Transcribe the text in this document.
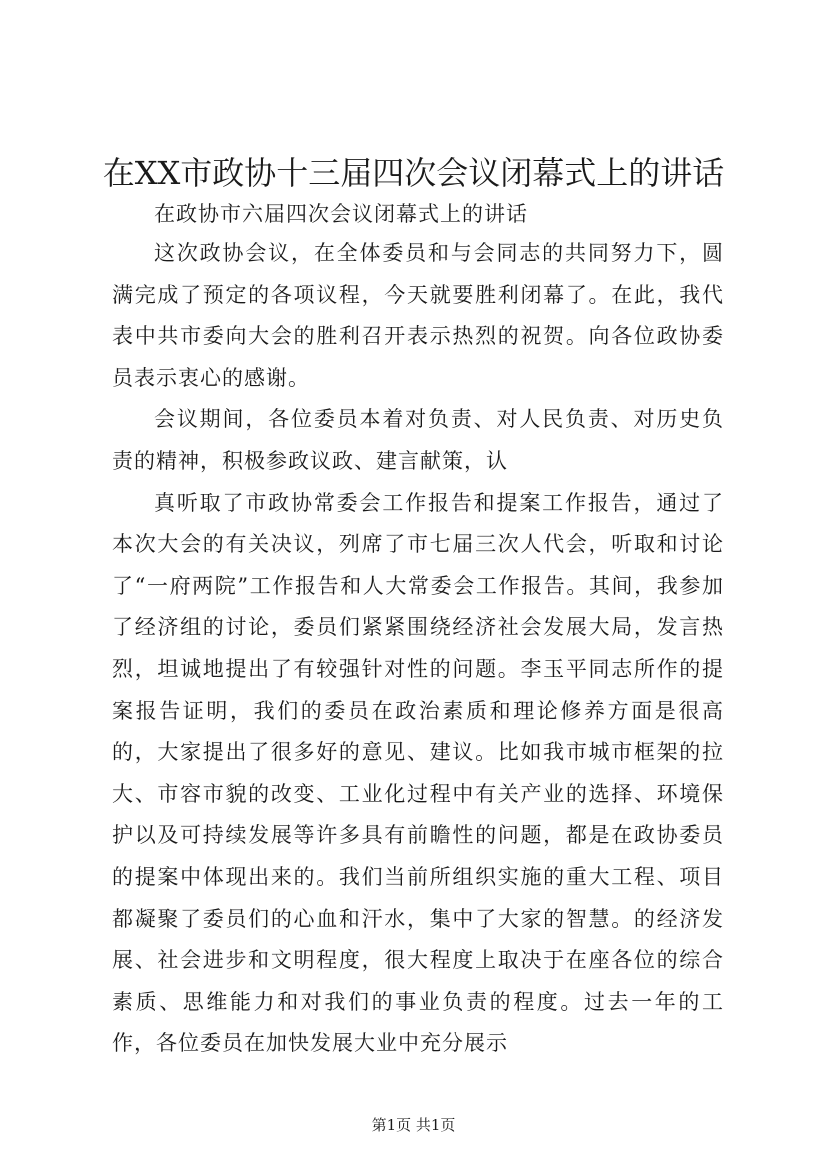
在XX市政协十三届四次会议闭幕式上的讲话

在政协市六届四次会议闭幕式上的讲话

这次政协会议，在全体委员和与会同志的共同努力下，圆满完成了预定的各项议程，今天就要胜利闭幕了。在此，我代表中共市委向大会的胜利召开表示热烈的祝贺。向各位政协委员表示衷心的感谢。

会议期间，各位委员本着对负责、对人民负责、对历史负责的精神，积极参政议政、建言献策，认

真听取了市政协常委会工作报告和提案工作报告，通过了本次大会的有关决议，列席了市七届三次人代会，听取和讨论了“一府两院”工作报告和人大常委会工作报告。其间，我参加了经济组的讨论，委员们紧紧围绕经济社会发展大局，发言热烈，坦诚地提出了有较强针对性的问题。李玉平同志所作的提案报告证明，我们的委员在政治素质和理论修养方面是很高的，大家提出了很多好的意见、建议。比如我市城市框架的拉大、市容市貌的改变、工业化过程中有关产业的选择、环境保护以及可持续发展等许多具有前瞻性的问题，都是在政协委员的提案中体现出来的。我们当前所组织实施的重大工程、项目都凝聚了委员们的心血和汗水，集中了大家的智慧。的经济发展、社会进步和文明程度，很大程度上取决于在座各位的综合素质、思维能力和对我们的事业负责的程度。过去一年的工作，各位委员在加快发展大业中充分展示

第1页 共1页
